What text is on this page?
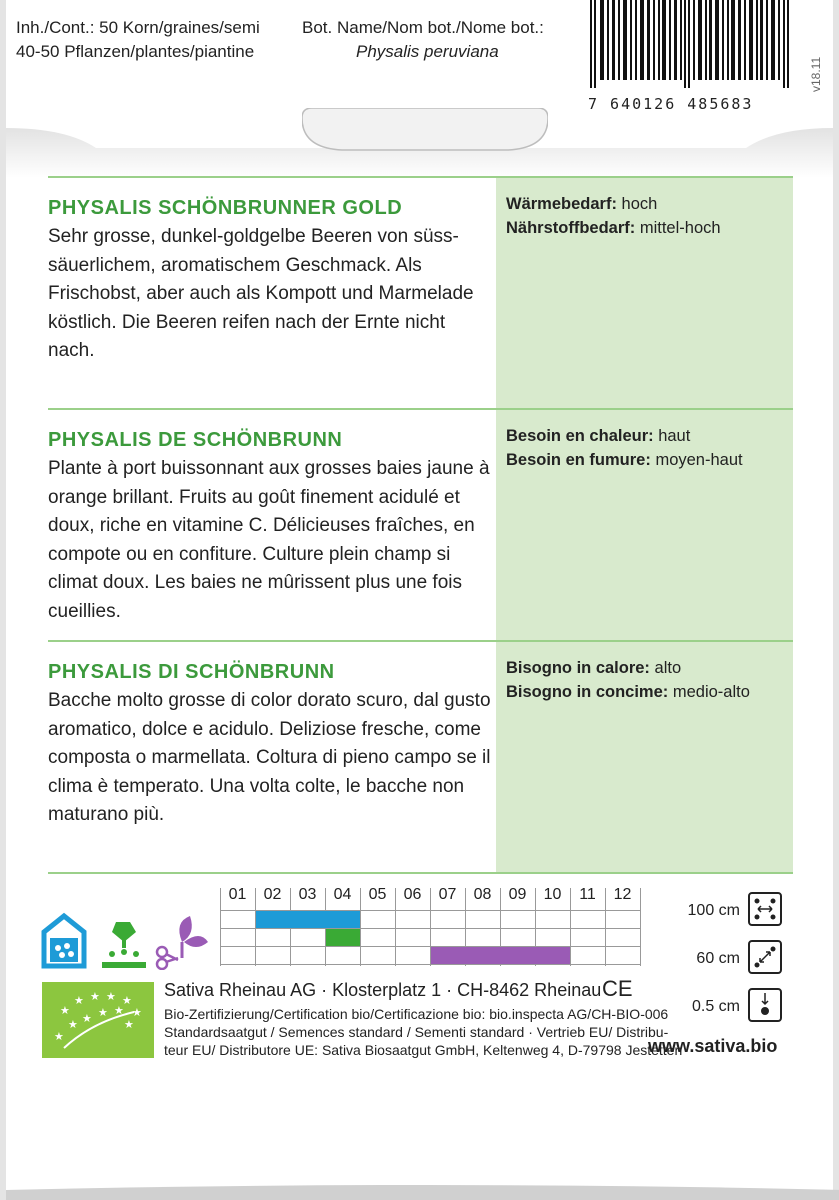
Inh./Cont.: 50 Korn/graines/semi
40-50 Pflanzen/plantes/piantine
Bot. Name/Nom bot./Nome bot.:
Physalis peruviana
7 640126 485683
v18.11
PHYSALIS SCHÖNBRUNNER GOLD

Sehr grosse, dunkel-goldgelbe Beeren von süss-säuerlichem, aromatischem Geschmack. Als Frischobst, aber auch als Kompott und Marmelade köstlich. Die Beeren reifen nach der Ernte nicht nach.

Wärmebedarf: hoch

Nährstoffbedarf: mittel-hoch

PHYSALIS DE SCHÖNBRUNN

Plante à port buissonnant aux grosses baies jaune à orange brillant. Fruits au goût finement acidulé et doux, riche en vitamine C. Délicieuses fraîches, en compote ou en confiture. Culture plein champ si climat doux. Les baies ne mûrissent plus une fois cueillies.

Besoin en chaleur: haut

Besoin en fumure: moyen-haut

PHYSALIS DI SCHÖNBRUNN

Bacche molto grosse di color dorato scuro, dal gusto aromatico, dolce e acidulo. Deliziose fresche, come composta o marmellata. Coltura di pieno campo se il clima è temperato. Una volta colte, le bacche non maturano più.

Bisogno in calore: alto

Bisogno in concime: medio-alto

01	02	03	04	05	06	07	08	09	10	11	12
100 cm
60 cm
0.5 cm
★
★ ★ ★ ★
★
★ ★ ★ ★
★
★
Sativa Rheinau AG · Klosterplatz 1 · CH-8462 Rheinau CE
Bio-Zertifizierung/Certification bio/Certificazione bio: bio.inspecta AG/CH-BIO-006
Standardsaatgut / Semences standard / Sementi standard · Vertrieb EU/ Distribu-
teur EU/ Distributore UE: Sativa Biosaatgut GmbH, Keltenweg 4, D-79798 Jestetten
www.sativa.bio
